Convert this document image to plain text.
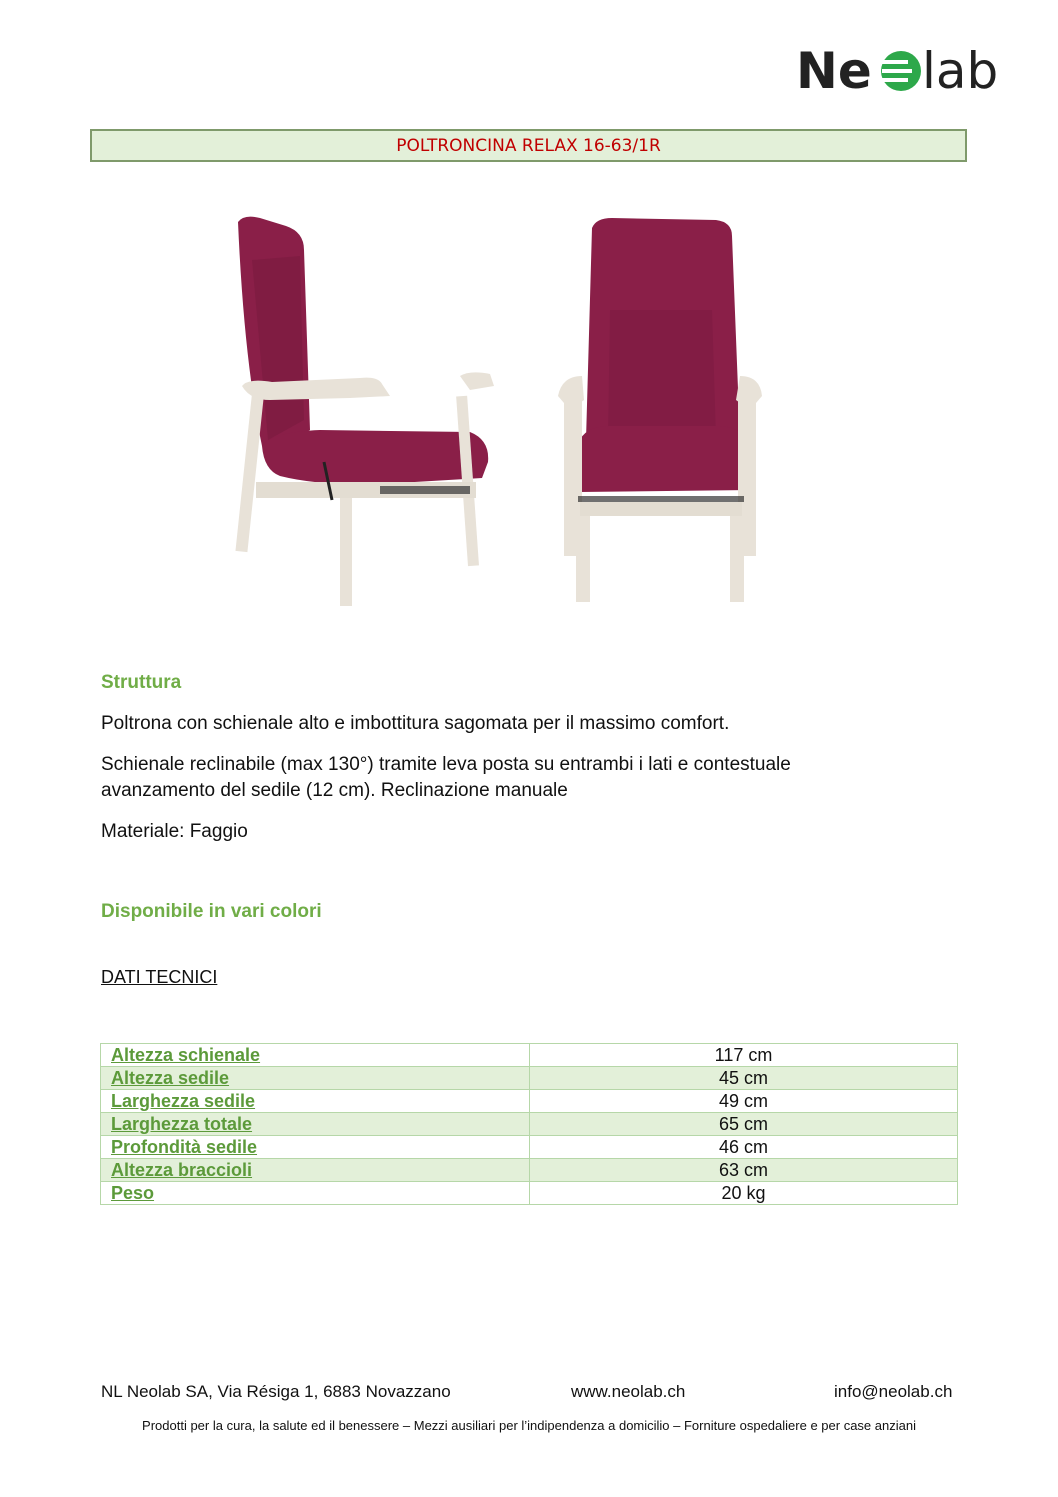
Ne lab
POLTRONCINA RELAX 16-63/1R
Struttura
Poltrona con schienale alto e imbottitura sagomata per il massimo comfort.
Schienale reclinabile (max 130°) tramite leva posta su entrambi i lati e contestuale avanzamento del sedile (12 cm). Reclinazione manuale
Materiale: Faggio
Disponibile in vari colori
DATI TECNICI
Altezza schienale	117 cm
Altezza sedile	45 cm
Larghezza sedile	49 cm
Larghezza totale	65 cm
Profondità sedile	46 cm
Altezza braccioli	63 cm
Peso	20 kg
NL Neolab SA, Via Résiga 1, 6883 Novazzano	www.neolab.ch	info@neolab.ch
Prodotti per la cura, la salute ed il benessere – Mezzi ausiliari per l’indipendenza a domicilio – Forniture ospedaliere e per case anziani
